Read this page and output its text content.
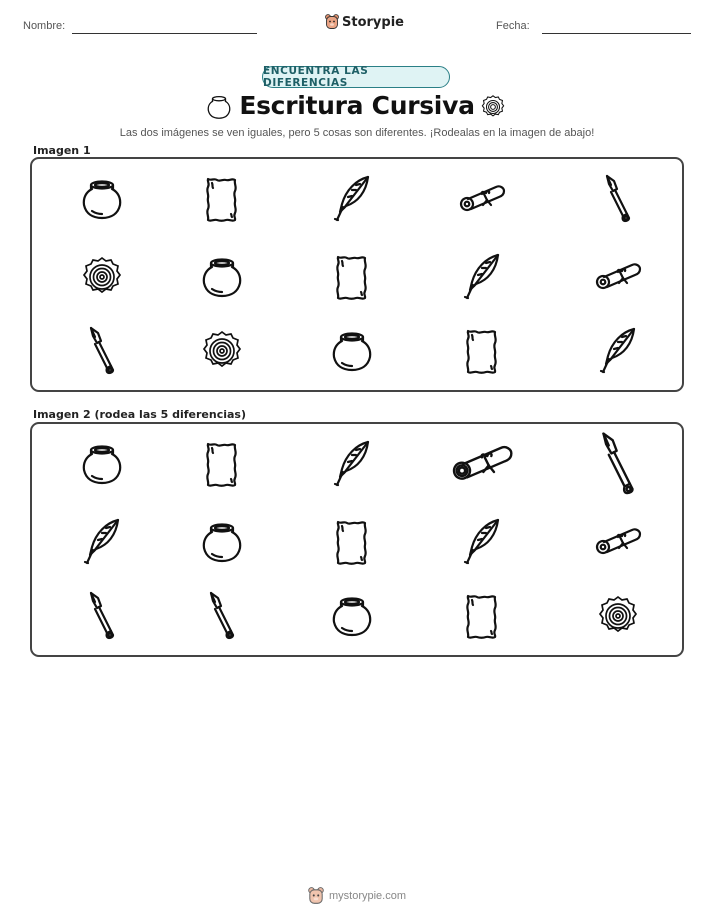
Nombre:	Storypie	Fecha:
ENCUENTRA LAS DIFERENCIAS
Escritura Cursiva
Las dos imágenes se ven iguales, pero 5 cosas son diferentes. ¡Rodealas en la imagen de abajo!
Imagen 1
Imagen 2 (rodea las 5 diferencias)
mystorypie.com
